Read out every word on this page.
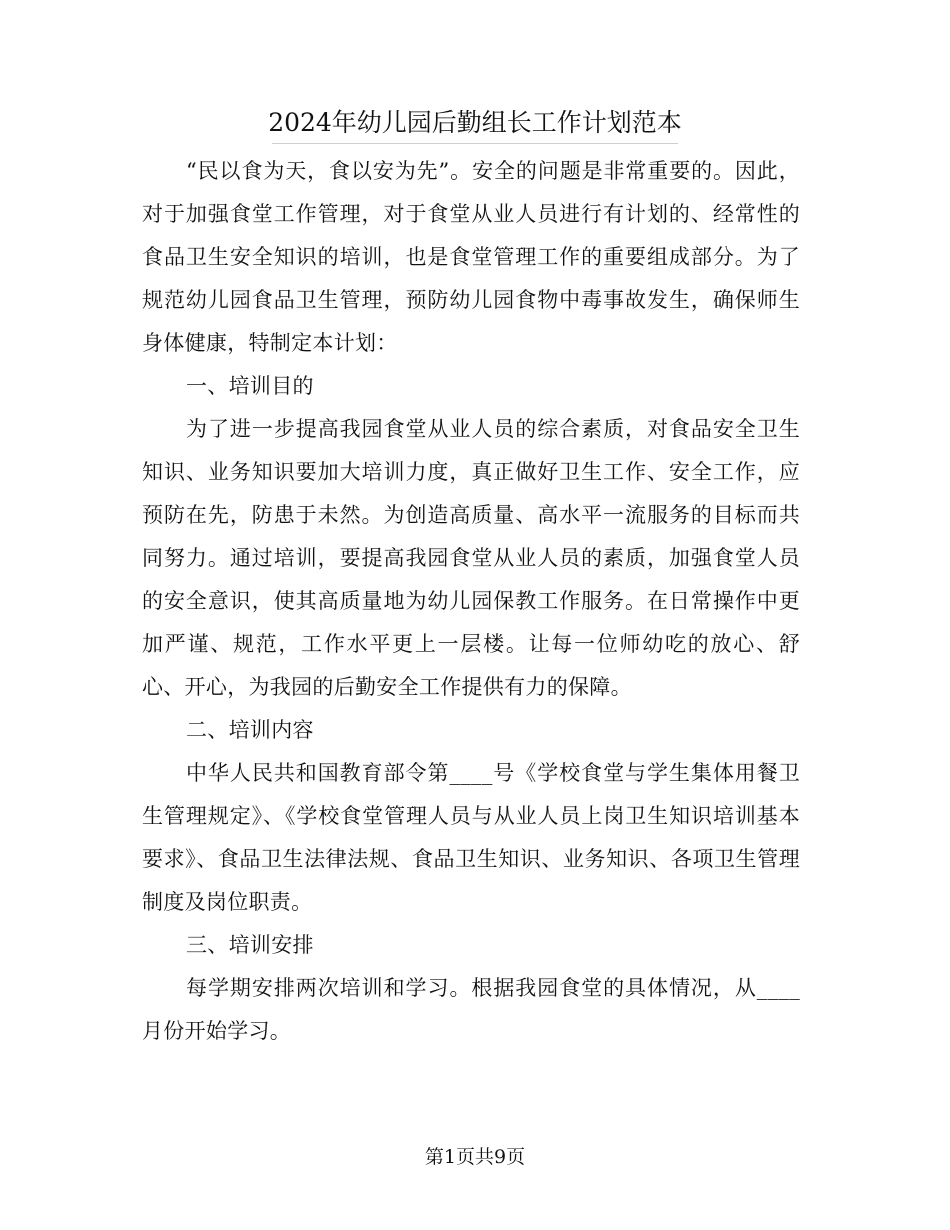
2024年幼儿园后勤组长工作计划范本

“民以食为天，食以安为先”。安全的问题是非常重要的。因此，对于加强食堂工作管理，对于食堂从业人员进行有计划的、经常性的食品卫生安全知识的培训，也是食堂管理工作的重要组成部分。为了规范幼儿园食品卫生管理，预防幼儿园食物中毒事故发生，确保师生身体健康，特制定本计划：

一、培训目的

为了进一步提高我园食堂从业人员的综合素质，对食品安全卫生知识、业务知识要加大培训力度，真正做好卫生工作、安全工作，应预防在先，防患于未然。为创造高质量、高水平一流服务的目标而共同努力。通过培训，要提高我园食堂从业人员的素质，加强食堂人员的安全意识，使其高质量地为幼儿园保教工作服务。在日常操作中更加严谨、规范，工作水平更上一层楼。让每一位师幼吃的放心、舒心、开心，为我园的后勤安全工作提供有力的保障。

二、培训内容

中华人民共和国教育部令第____号《学校食堂与学生集体用餐卫生管理规定》、《学校食堂管理人员与从业人员上岗卫生知识培训基本要求》、食品卫生法律法规、食品卫生知识、业务知识、各项卫生管理制度及岗位职责。

三、培训安排

每学期安排两次培训和学习。根据我园食堂的具体情况，从____月份开始学习。

第1页共9页
